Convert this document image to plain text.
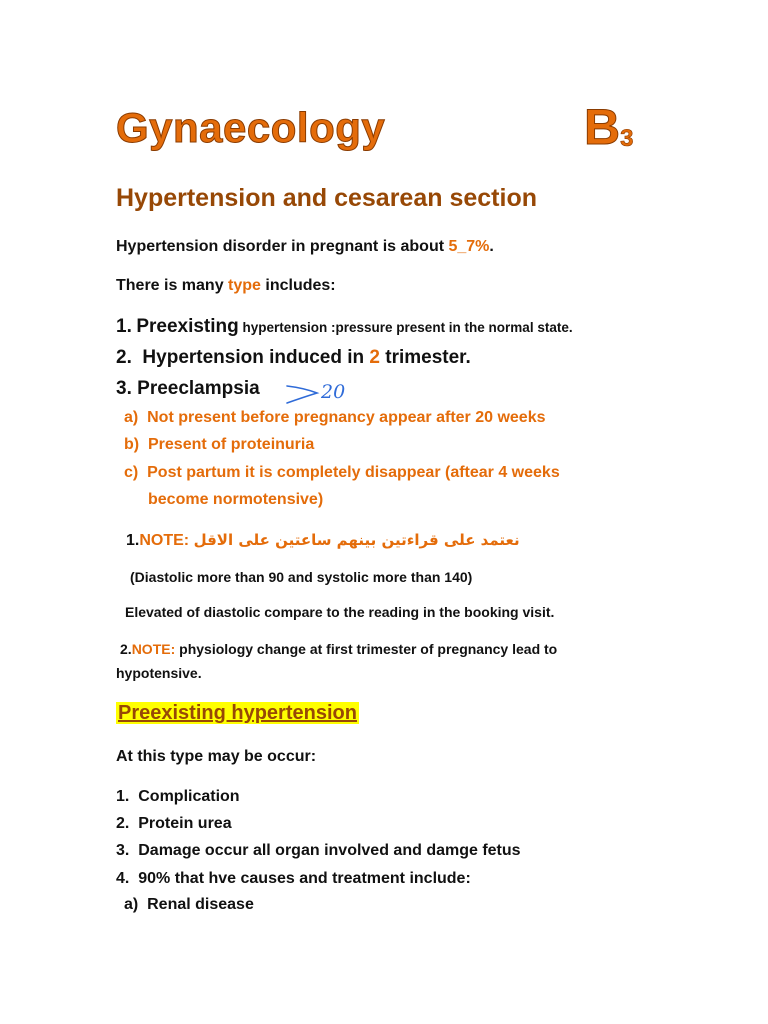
Gynaecology	$B_3$
Hypertension and cesarean section
Hypertension disorder in pregnant is about 5_7%.
There is many type includes:
1. Preexisting hypertension :pressure present in the normal state.
2. Hypertension induced in 2 trimester.
3. Preeclampsia	20
a) Not present before pregnancy appear after 20 weeks
b) Present of proteinuria
c) Post partum it is completely disappear (aftear 4 weeks
become normotensive)
1.NOTE: نعتمد على قراءتين بينهم ساعتين على الاقل
(Diastolic more than 90 and systolic more than 140)
Elevated of diastolic compare to the reading in the booking visit.
2.NOTE: physiology change at first trimester of pregnancy lead to
hypotensive.
Preexisting hypertension
At this type may be occur:
1. Complication
2. Protein urea
3. Damage occur all organ involved and damge fetus
4. 90% that hve causes and treatment include:
a) Renal disease
